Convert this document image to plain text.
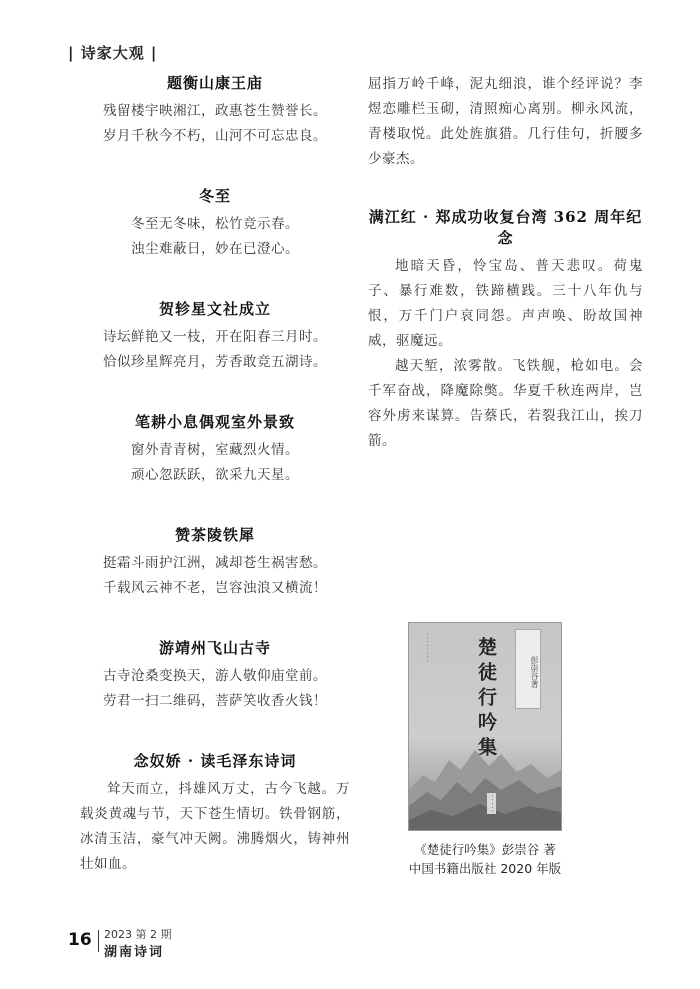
| 诗家大观 |
题衡山康王庙

残留楼宇映湘江，政惠苍生赞誉长。

岁月千秋今不朽，山河不可忘忠良。

冬至

冬至无冬味，松竹竞示春。

浊尘难蔽日，妙在已澄心。

贺轸星文社成立

诗坛鲜艳又一枝，开在阳春三月时。

恰似珍星辉亮月，芳香敢竞五湖诗。

笔耕小息偶观室外景致

窗外青青树，室藏烈火情。

顽心忽跃跃，欲采九天星。

赞茶陵铁犀

挺霜斗雨护江洲，减却苍生祸害愁。

千载风云神不老，岂容浊浪又横流！

游靖州飞山古寺

古寺沧桑变换天，游人敬仰庙堂前。

劳君一扫二维码，菩萨笑收香火钱！

念奴娇 · 读毛泽东诗词

耸天而立，抖雄风万丈，古今飞越。万载炎黄魂与节，天下苍生情切。铁骨钢筋，冰清玉洁，豪气冲天阙。沸腾烟火，铸神州壮如血。

屈指万岭千峰，泥丸细浪，谁个经评说？李煜恋雕栏玉砌，清照痴心离别。柳永风流，青楼取悦。此处旌旗猎。几行佳句，折腰多少豪杰。

满江红 · 郑成功收复台湾 362 周年纪念

地暗天昏，怜宝岛、普天悲叹。荷鬼子、暴行难数，铁蹄横践。三十八年仇与恨，万千门户哀同怨。声声唤、盼故国神威，驱魔远。

越天堑，浓雾散。飞铁舰，枪如电。会千军奋战，降魔除獘。华夏千秋连两岸，岂容外虏来谋算。告蔡氏，若裂我江山，挨刀箭。

· · · · · · · · 楚徒行吟集	彭崇谷著
· · · · ·
《楚徒行吟集》彭崇谷 著
中国书籍出版社 2020 年版
16 2023 第 2 期
湖南诗词
